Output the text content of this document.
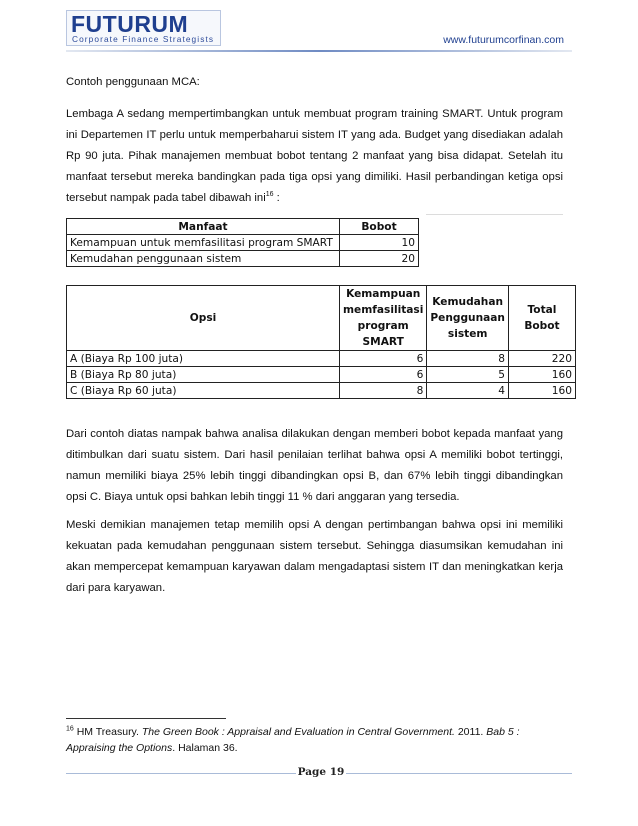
FUTURUM
Corporate Finance Strategists	www.futurumcorfinan.com

Contoh penggunaan MCA:

Lembaga A sedang mempertimbangkan untuk membuat program training SMART. Untuk program ini Departemen IT perlu untuk memperbaharui sistem IT yang ada. Budget yang disediakan adalah Rp 90 juta. Pihak manajemen membuat bobot tentang 2 manfaat yang bisa didapat. Setelah itu manfaat tersebut mereka bandingkan pada tiga opsi yang dimiliki. Hasil perbandingan ketiga opsi tersebut nampak pada tabel dibawah ini$^{16}$ :

Manfaat	Bobot
Kemampuan untuk memfasilitasi program SMART	10
Kemudahan penggunaan sistem	20
Opsi	Kemampuan memfasilitasi program SMART	Kemudahan Penggunaan sistem	Total Bobot
A (Biaya Rp 100 juta)	6	8	220
B (Biaya Rp 80 juta)	6	5	160
C (Biaya Rp 60 juta)	8	4	160

Dari contoh diatas nampak bahwa analisa dilakukan dengan memberi bobot kepada manfaat yang ditimbulkan dari suatu sistem. Dari hasil penilaian terlihat bahwa opsi A memiliki bobot tertinggi, namun memiliki biaya 25% lebih tinggi dibandingkan opsi B, dan 67% lebih tinggi dibandingkan opsi C. Biaya untuk opsi bahkan lebih tinggi 11 % dari anggaran yang tersedia.

Meski demikian manajemen tetap memilih opsi A dengan pertimbangan bahwa opsi ini memiliki kekuatan pada kemudahan penggunaan sistem tersebut. Sehingga diasumsikan kemudahan ini akan mempercepat kemampuan karyawan dalam mengadaptasi sistem IT dan meningkatkan kerja dari para karyawan.

$^{16}$ HM Treasury. The Green Book : Appraisal and Evaluation in Central Government. 2011. Bab 5 : Appraising the Options. Halaman 36.
Page 19
